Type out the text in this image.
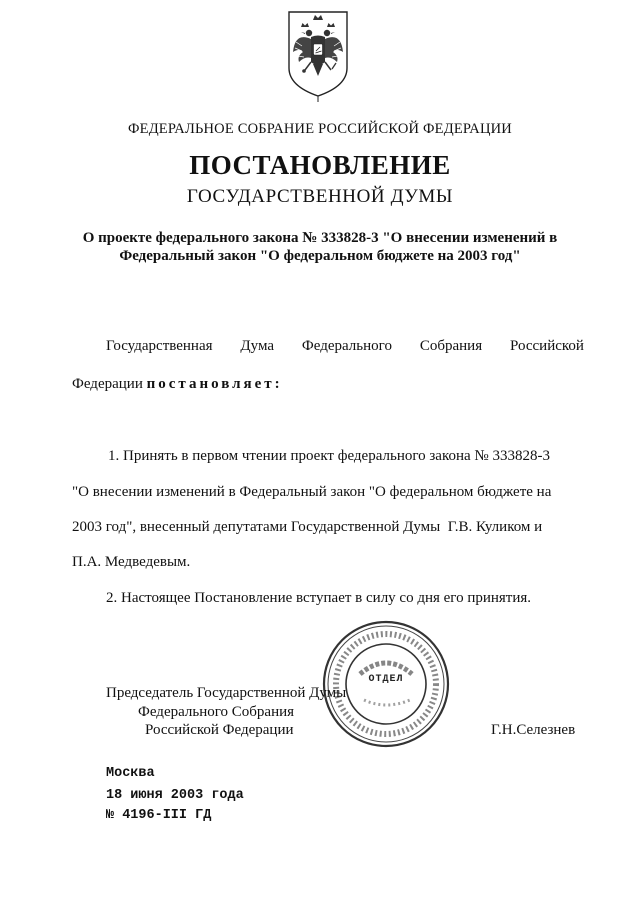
ФЕДЕРАЛЬНОЕ СОБРАНИЕ РОССИЙСКОЙ ФЕДЕРАЦИИ
ПОСТАНОВЛЕНИЕ
ГОСУДАРСТВЕННОЙ ДУМЫ
О проекте федерального закона № 333828-3 "О внесении изменений в
Федеральный закон "О федеральном бюджете на 2003 год"
Государственная Дума Федерального Собрания Российской
Федерации постановляет:
1. Принять в первом чтении проект федерального закона № 333828-3
"О внесении изменений в Федеральный закон "О федеральном бюджете на
2003 год", внесенный депутатами Государственной Думы  Г.В. Куликом и
П.А. Медведевым.
2. Настоящее Постановление вступает в силу со дня его принятия.
ОТДЕЛ
Председатель Государственной Думы
Федерального Собрания
Российской Федерации	Г.Н.Селезнев
Москва
18 июня 2003 года
№ 4196-III ГД
